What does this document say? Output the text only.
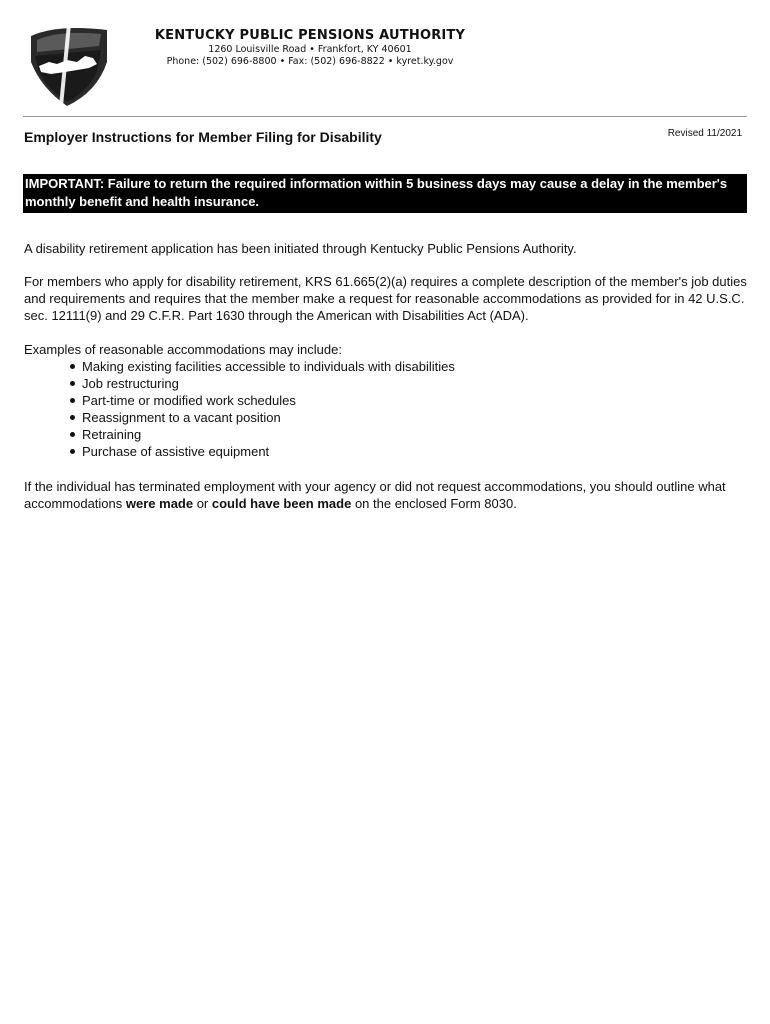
KENTUCKY PUBLIC PENSIONS AUTHORITY
1260 Louisville Road • Frankfort, KY 40601
Phone: (502) 696-8800 • Fax: (502) 696-8822 • kyret.ky.gov
Employer Instructions for Member Filing for Disability	Revised 11/2021
IMPORTANT: Failure to return the required information within 5 business days may cause a delay in the member's monthly benefit and health insurance.
A disability retirement application has been initiated through Kentucky Public Pensions Authority.
For members who apply for disability retirement, KRS 61.665(2)(a) requires a complete description of the member's job duties and requirements and requires that the member make a request for reasonable accommodations as provided for in 42 U.S.C. sec. 12111(9) and 29 C.F.R. Part 1630 through the American with Disabilities Act (ADA).
Examples of reasonable accommodations may include:
Making existing facilities accessible to individuals with disabilities
Job restructuring
Part-time or modified work schedules
Reassignment to a vacant position
Retraining
Purchase of assistive equipment
If the individual has terminated employment with your agency or did not request accommodations, you should outline what accommodations were made or could have been made on the enclosed Form 8030.
